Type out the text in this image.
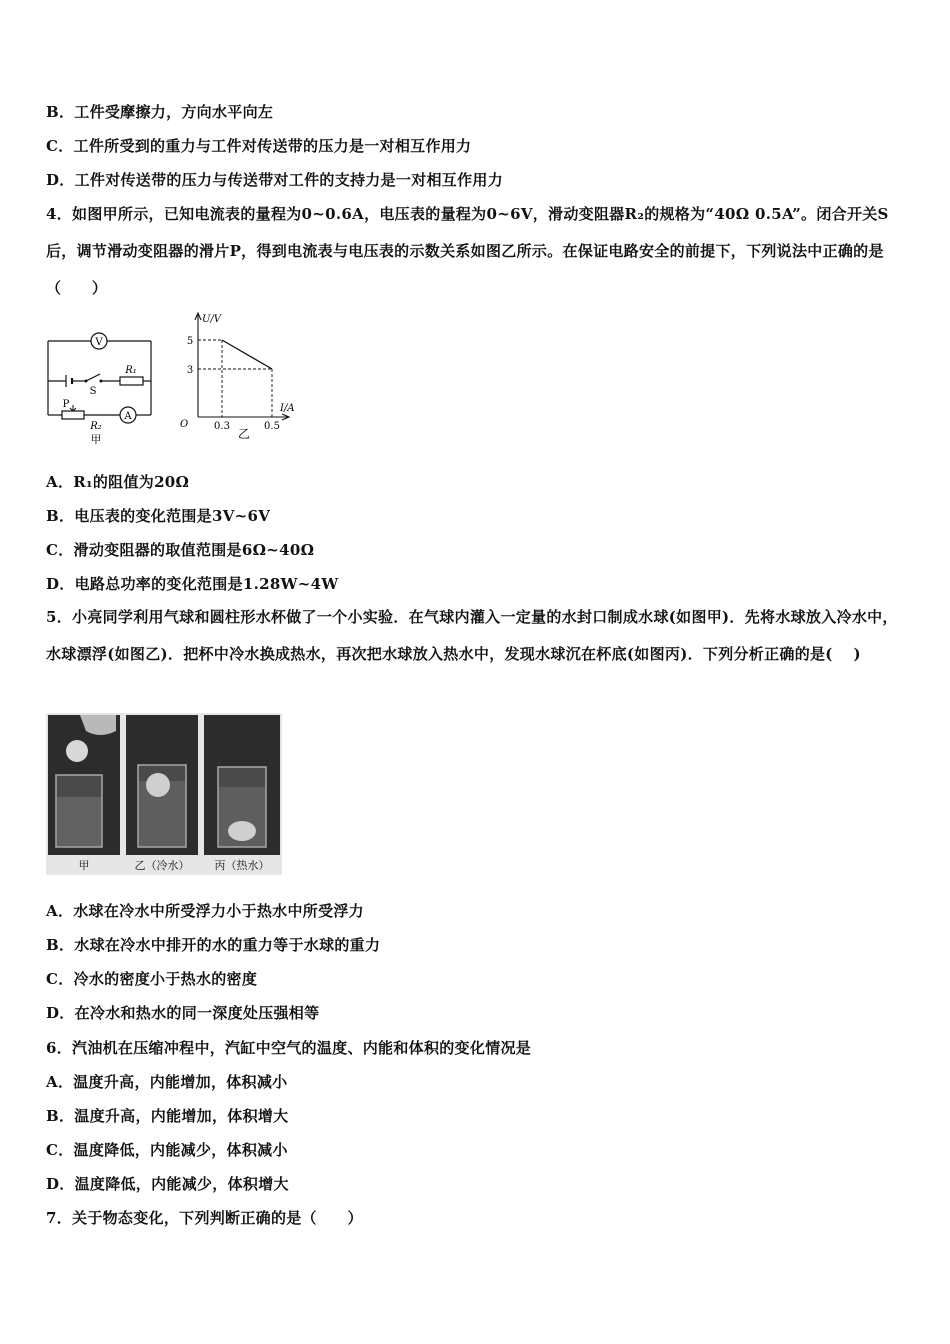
B．工件受摩擦力，方向水平向左
C．工件所受到的重力与工件对传送带的压力是一对相互作用力
D．工件对传送带的压力与传送带对工件的支持力是一对相互作用力
4．如图甲所示，已知电流表的量程为0~0.6A，电压表的量程为0~6V，滑动变阻器R₂的规格为“40Ω 0.5A”。闭合开关S后，调节滑动变阻器的滑片P，得到电流表与电压表的示数关系如图乙所示。在保证电路安全的前提下，下列说法中正确的是（　　）
V
S
R₁
P
R₂
A
甲
U/V
I/A
O
5
3
0.3	0.5
乙
A．R₁的阻值为20Ω
B．电压表的变化范围是3V~6V
C．滑动变阻器的取值范围是6Ω~40Ω
D．电路总功率的变化范围是1.28W~4W
5．小亮同学利用气球和圆柱形水杯做了一个小实验．在气球内灌入一定量的水封口制成水球(如图甲)．先将水球放入冷水中，水球漂浮(如图乙)．把杯中冷水换成热水，再次把水球放入热水中，发现水球沉在杯底(如图丙)．下列分析正确的是(　 )
甲	乙（冷水） 丙（热水）
A．水球在冷水中所受浮力小于热水中所受浮力
B．水球在冷水中排开的水的重力等于水球的重力
C．冷水的密度小于热水的密度
D．在冷水和热水的同一深度处压强相等
6．汽油机在压缩冲程中，汽缸中空气的温度、内能和体积的变化情况是
A．温度升高，内能增加，体积减小
B．温度升高，内能增加，体积增大
C．温度降低，内能减少，体积减小
D．温度降低，内能减少，体积增大
7．关于物态变化，下列判断正确的是（　　）
